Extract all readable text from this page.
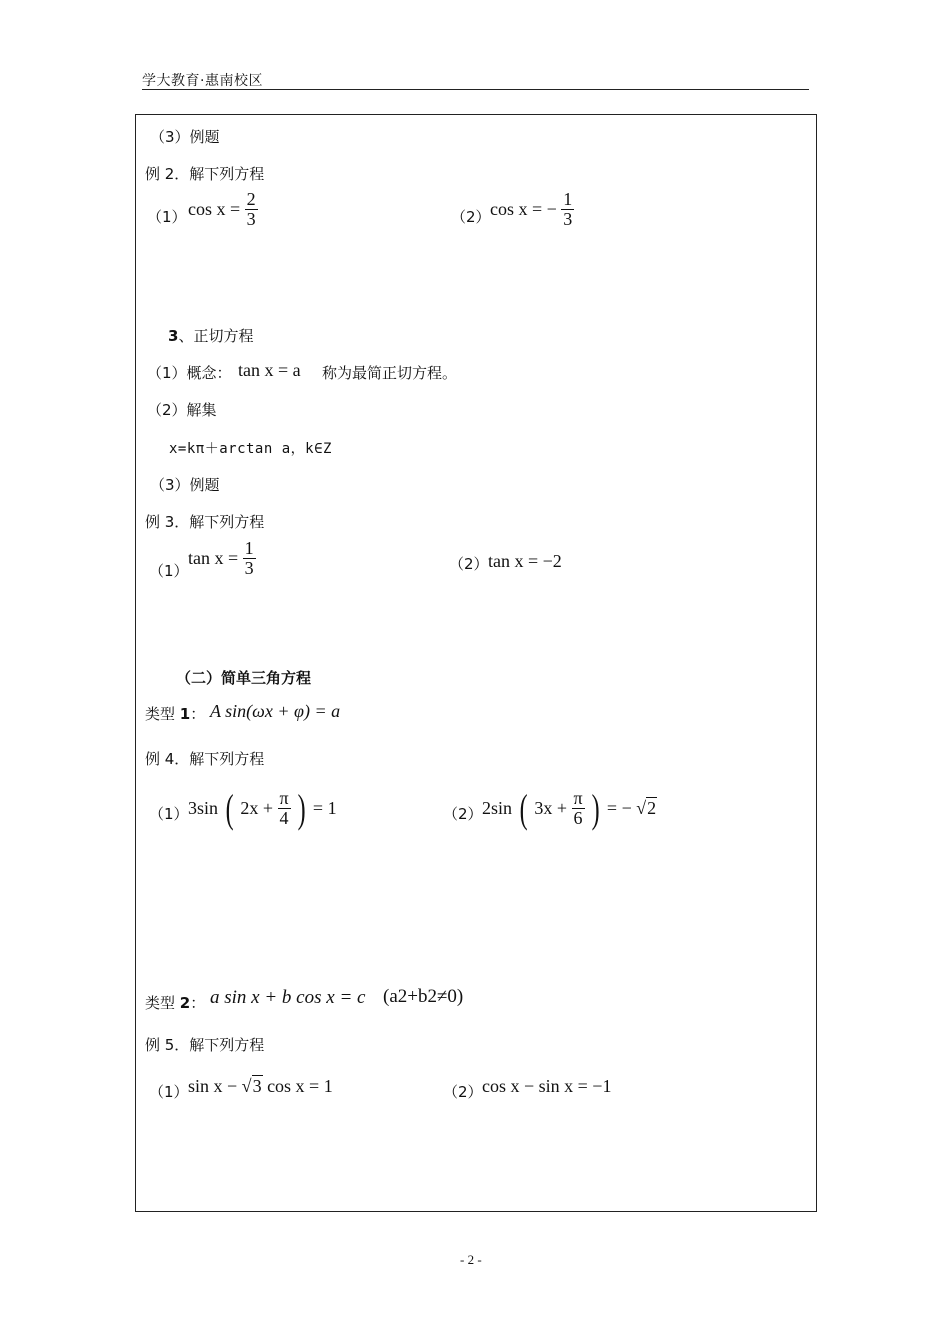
学大教育·惠南校区
（3）例题
例 2．解下列方程
（1） $\cos x = \frac{2}{3}$	（2） cos x = − $\frac{1}{3}$
3、正切方程
（1）概念： tan x = a 称为最简正切方程。
（2）解集
x=kπ＋arctan a，k∈Z
（3）例题
例 3．解下列方程
（1）
$\tan x = \frac{1}{3}$	（2） tan x = −2
（二）简单三角方程
类型 1： A sin(ωx + φ) = a
例 4．解下列方程
（1） 3sin ( $2x + \frac{\pi}{4}$ ) = 1	（2） 2sin ( $3x + \frac{\pi}{6}$ ) = − √2
类型 2： a sin x + b cos x = c (a2+b2≠0)
例 5．解下列方程
（1） sin x − √3 cos x = 1	（2） cos x − sin x = −1
- 2 -
